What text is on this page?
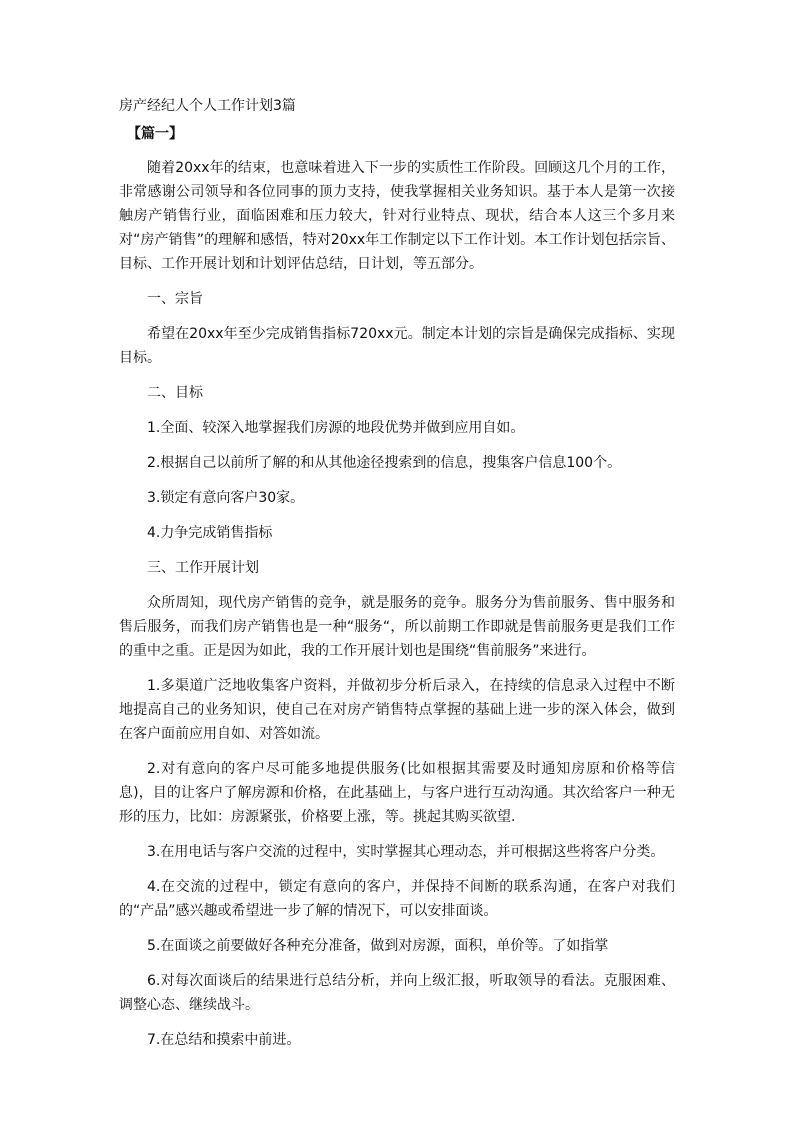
房产经纪人个人工作计划3篇
【篇一】

随着20xx年的结束，也意味着进入下一步的实质性工作阶段。回顾这几个月的工作，非常感谢公司领导和各位同事的顶力支持，使我掌握相关业务知识。基于本人是第一次接触房产销售行业，面临困难和压力较大，针对行业特点、现状，结合本人这三个多月来对“房产销售”的理解和感悟，特对20xx年工作制定以下工作计划。本工作计划包括宗旨、目标、工作开展计划和计划评估总结，日计划，等五部分。

一、宗旨

希望在20xx年至少完成销售指标720xx元。制定本计划的宗旨是确保完成指标、实现目标。

二、目标

1.全面、较深入地掌握我们房源的地段优势并做到应用自如。

2.根据自己以前所了解的和从其他途径搜索到的信息，搜集客户信息100个。

3.锁定有意向客户30家。

4.力争完成销售指标

三、工作开展计划

众所周知，现代房产销售的竞争，就是服务的竞争。服务分为售前服务、售中服务和售后服务，而我们房产销售也是一种“服务“，所以前期工作即就是售前服务更是我们工作的重中之重。正是因为如此，我的工作开展计划也是围绕“售前服务”来进行。

1.多渠道广泛地收集客户资料，并做初步分析后录入，在持续的信息录入过程中不断地提高自己的业务知识，使自己在对房产销售特点掌握的基础上进一步的深入体会，做到在客户面前应用自如、对答如流。

2.对有意向的客户尽可能多地提供服务(比如根据其需要及时通知房原和价格等信息)，目的让客户了解房源和价格，在此基础上，与客户进行互动沟通。其次给客户一种无形的压力，比如：房源紧张，价格要上涨，等。挑起其购买欲望.

3.在用电话与客户交流的过程中，实时掌握其心理动态，并可根据这些将客户分类。

4.在交流的过程中，锁定有意向的客户，并保持不间断的联系沟通，在客户对我们的“产品”感兴趣或希望进一步了解的情况下，可以安排面谈。

5.在面谈之前要做好各种充分准备，做到对房源，面积，单价等。了如指掌

6.对每次面谈后的结果进行总结分析，并向上级汇报，听取领导的看法。克服困难、调整心态、继续战斗。

7.在总结和摸索中前进。
